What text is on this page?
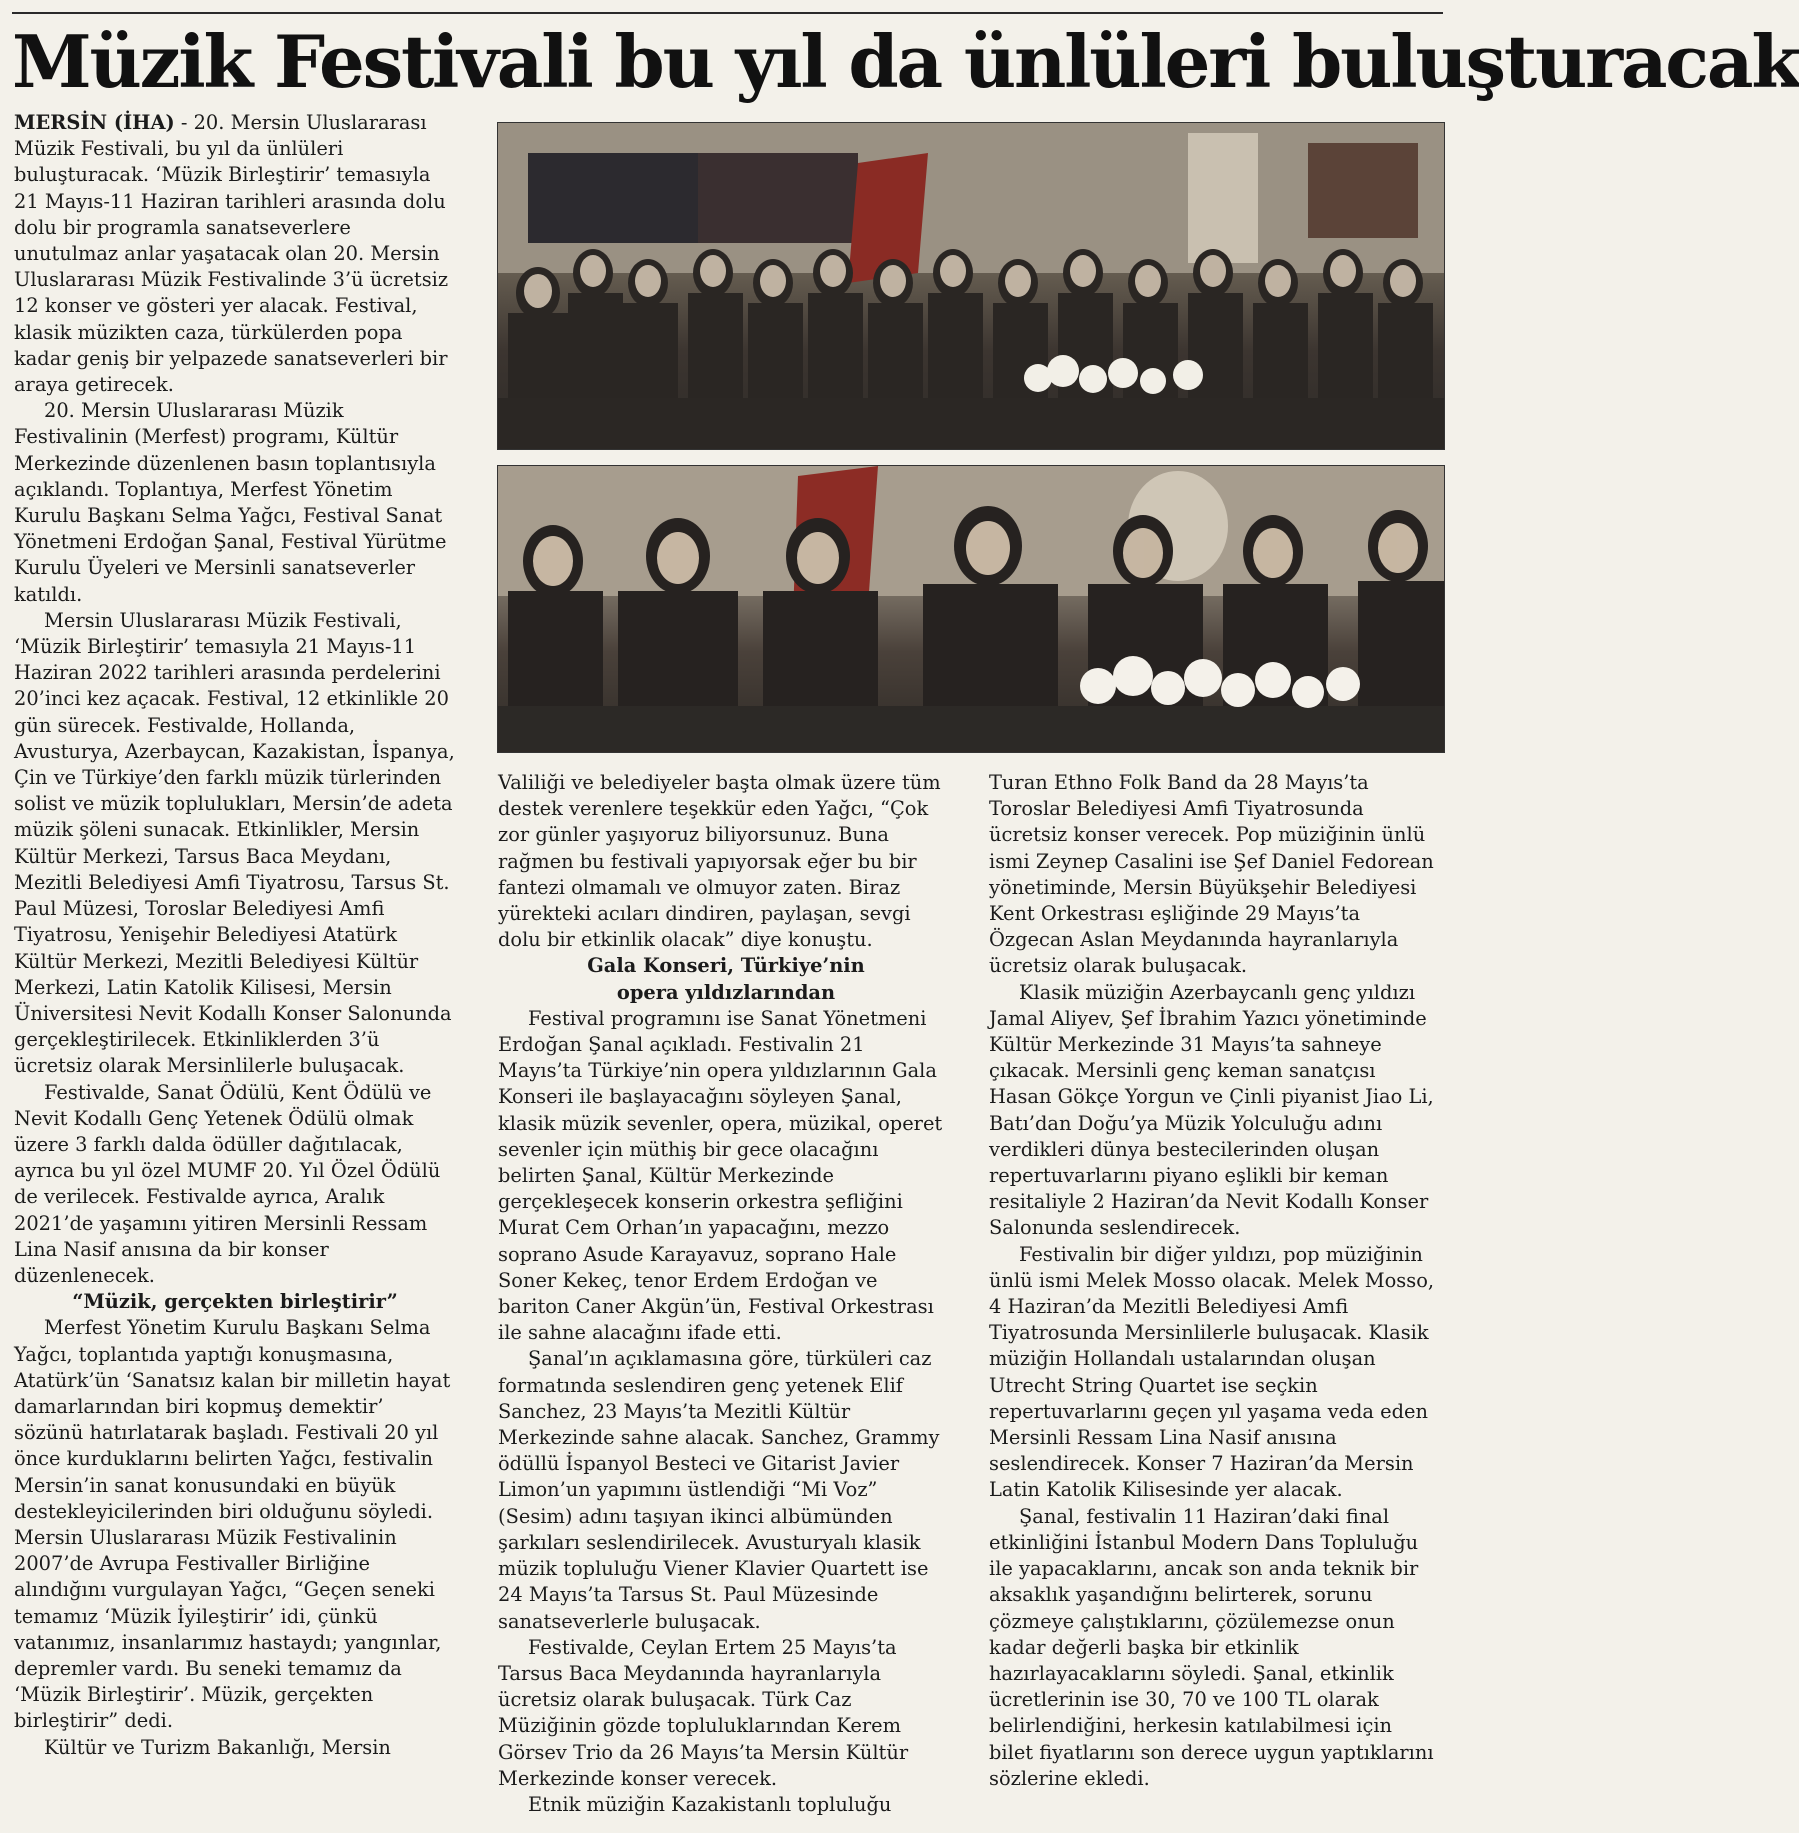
Müzik Festivali bu yıl da ünlüleri buluşturacak

MERSİN (İHA) - 20. Mersin Uluslararası Müzik Festivali, bu yıl da ünlüleri buluşturacak. ‘Müzik Birleştirir’ temasıyla 21 Mayıs-11 Haziran tarihleri arasında dolu dolu bir programla sanatseverlere unutulmaz anlar yaşatacak olan 20. Mersin Uluslararası Müzik Festivalinde 3’ü ücretsiz 12 konser ve gösteri yer alacak. Festival, klasik müzikten caza, türkülerden popa kadar geniş bir yelpazede sanatseverleri bir araya getirecek.

20. Mersin Uluslararası Müzik Festivalinin (Merfest) programı, Kültür Merkezinde düzenlenen basın toplantısıyla açıklandı. Toplantıya, Merfest Yönetim Kurulu Başkanı Selma Yağcı, Festival Sanat Yönetmeni Erdoğan Şanal, Festival Yürütme Kurulu Üyeleri ve Mersinli sanatseverler katıldı.

Mersin Uluslararası Müzik Festivali, ‘Müzik Birleştirir’ temasıyla 21 Mayıs-11 Haziran 2022 tarihleri arasında perdelerini 20’inci kez açacak. Festival, 12 etkinlikle 20 gün sürecek. Festivalde, Hollanda, Avusturya, Azerbaycan, Kazakistan, İspanya, Çin ve Türkiye’den farklı müzik türlerinden solist ve müzik toplulukları, Mersin’de adeta müzik şöleni sunacak. Etkinlikler, Mersin Kültür Merkezi, Tarsus Baca Meydanı, Mezitli Belediyesi Amfi Tiyatrosu, Tarsus St. Paul Müzesi, Toroslar Belediyesi Amfi Tiyatrosu, Yenişehir Belediyesi Atatürk Kültür Merkezi, Mezitli Belediyesi Kültür Merkezi, Latin Katolik Kilisesi, Mersin Üniversitesi Nevit Kodallı Konser Salonunda gerçekleştirilecek. Etkinliklerden 3’ü ücretsiz olarak Mersinlilerle buluşacak.

Festivalde, Sanat Ödülü, Kent Ödülü ve Nevit Kodallı Genç Yetenek Ödülü olmak üzere 3 farklı dalda ödüller dağıtılacak, ayrıca bu yıl özel MUMF 20. Yıl Özel Ödülü de verilecek. Festivalde ayrıca, Aralık 2021’de yaşamını yitiren Mersinli Ressam Lina Nasif anısına da bir konser düzenlenecek.

“Müzik, gerçekten birleştirir”

Merfest Yönetim Kurulu Başkanı Selma Yağcı, toplantıda yaptığı konuşmasına, Atatürk’ün ‘Sanatsız kalan bir milletin hayat damarlarından biri kopmuş demektir’ sözünü hatırlatarak başladı. Festivali 20 yıl önce kurduklarını belirten Yağcı, festivalin Mersin’in sanat konusundaki en büyük destekleyicilerinden biri olduğunu söyledi. Mersin Uluslararası Müzik Festivalinin 2007’de Avrupa Festivaller Birliğine alındığını vurgulayan Yağcı, “Geçen seneki temamız ‘Müzik İyileştirir’ idi, çünkü vatanımız, insanlarımız hastaydı; yangınlar, depremler vardı. Bu seneki temamız da ‘Müzik Birleştirir’. Müzik, gerçekten birleştirir” dedi.

Kültür ve Turizm Bakanlığı, Mersin

Valiliği ve belediyeler başta olmak üzere tüm destek verenlere teşekkür eden Yağcı, “Çok zor günler yaşıyoruz biliyorsunuz. Buna rağmen bu festivali yapıyorsak eğer bu bir fantezi olmamalı ve olmuyor zaten. Biraz yürekteki acıları dindiren, paylaşan, sevgi dolu bir etkinlik olacak” diye konuştu.

Gala Konseri, Türkiye’nin

opera yıldızlarından

Festival programını ise Sanat Yönetmeni Erdoğan Şanal açıkladı. Festivalin 21 Mayıs’ta Türkiye’nin opera yıldızlarının Gala Konseri ile başlayacağını söyleyen Şanal, klasik müzik sevenler, opera, müzikal, operet sevenler için müthiş bir gece olacağını belirten Şanal, Kültür Merkezinde gerçekleşecek konserin orkestra şefliğini Murat Cem Orhan’ın yapacağını, mezzo soprano Asude Karayavuz, soprano Hale Soner Kekeç, tenor Erdem Erdoğan ve bariton Caner Akgün’ün, Festival Orkestrası ile sahne alacağını ifade etti.

Şanal’ın açıklamasına göre, türküleri caz formatında seslendiren genç yetenek Elif Sanchez, 23 Mayıs’ta Mezitli Kültür Merkezinde sahne alacak. Sanchez, Grammy ödüllü İspanyol Besteci ve Gitarist Javier Limon’un yapımını üstlendiği “Mi Voz” (Sesim) adını taşıyan ikinci albümünden şarkıları seslendirilecek. Avusturyalı klasik müzik topluluğu Viener Klavier Quartett ise 24 Mayıs’ta Tarsus St. Paul Müzesinde sanatseverlerle buluşacak.

Festivalde, Ceylan Ertem 25 Mayıs’ta Tarsus Baca Meydanında hayranlarıyla ücretsiz olarak buluşacak. Türk Caz Müziğinin gözde topluluklarından Kerem Görsev Trio da 26 Mayıs’ta Mersin Kültür Merkezinde konser verecek.

Etnik müziğin Kazakistanlı topluluğu

Turan Ethno Folk Band da 28 Mayıs’ta Toroslar Belediyesi Amfi Tiyatrosunda ücretsiz konser verecek. Pop müziğinin ünlü ismi Zeynep Casalini ise Şef Daniel Fedorean yönetiminde, Mersin Büyükşehir Belediyesi Kent Orkestrası eşliğinde 29 Mayıs’ta Özgecan Aslan Meydanında hayranlarıyla ücretsiz olarak buluşacak.

Klasik müziğin Azerbaycanlı genç yıldızı Jamal Aliyev, Şef İbrahim Yazıcı yönetiminde Kültür Merkezinde 31 Mayıs’ta sahneye çıkacak. Mersinli genç keman sanatçısı Hasan Gökçe Yorgun ve Çinli piyanist Jiao Li, Batı’dan Doğu’ya Müzik Yolculuğu adını verdikleri dünya bestecilerinden oluşan repertuvarlarını piyano eşlikli bir keman resitaliyle 2 Haziran’da Nevit Kodallı Konser Salonunda seslendirecek.

Festivalin bir diğer yıldızı, pop müziğinin ünlü ismi Melek Mosso olacak. Melek Mosso, 4 Haziran’da Mezitli Belediyesi Amfi Tiyatrosunda Mersinlilerle buluşacak. Klasik müziğin Hollandalı ustalarından oluşan Utrecht String Quartet ise seçkin repertuvarlarını geçen yıl yaşama veda eden Mersinli Ressam Lina Nasif anısına seslendirecek. Konser 7 Haziran’da Mersin Latin Katolik Kilisesinde yer alacak.

Şanal, festivalin 11 Haziran’daki final etkinliğini İstanbul Modern Dans Topluluğu ile yapacaklarını, ancak son anda teknik bir aksaklık yaşandığını belirterek, sorunu çözmeye çalıştıklarını, çözülemezse onun kadar değerli başka bir etkinlik hazırlayacaklarını söyledi. Şanal, etkinlik ücretlerinin ise 30, 70 ve 100 TL olarak belirlendiğini, herkesin katılabilmesi için bilet fiyatlarını son derece uygun yaptıklarını sözlerine ekledi.
